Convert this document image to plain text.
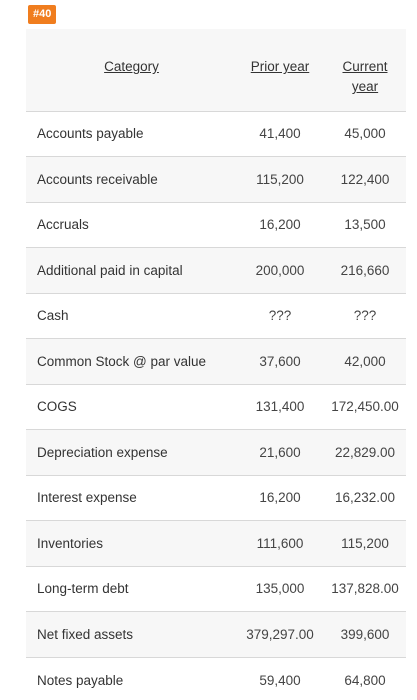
#40
Category	Prior year	Current
year
Accounts payable	41,400	45,000
Accounts receivable	115,200	122,400
Accruals	16,200	13,500
Additional paid in capital	200,000	216,660
Cash	???	???
Common Stock @ par value	37,600	42,000
COGS	131,400	172,450.00
Depreciation expense	21,600	22,829.00
Interest expense	16,200	16,232.00
Inventories	111,600	115,200
Long-term debt	135,000	137,828.00
Net fixed assets	379,297.00	399,600
Notes payable	59,400	64,800
